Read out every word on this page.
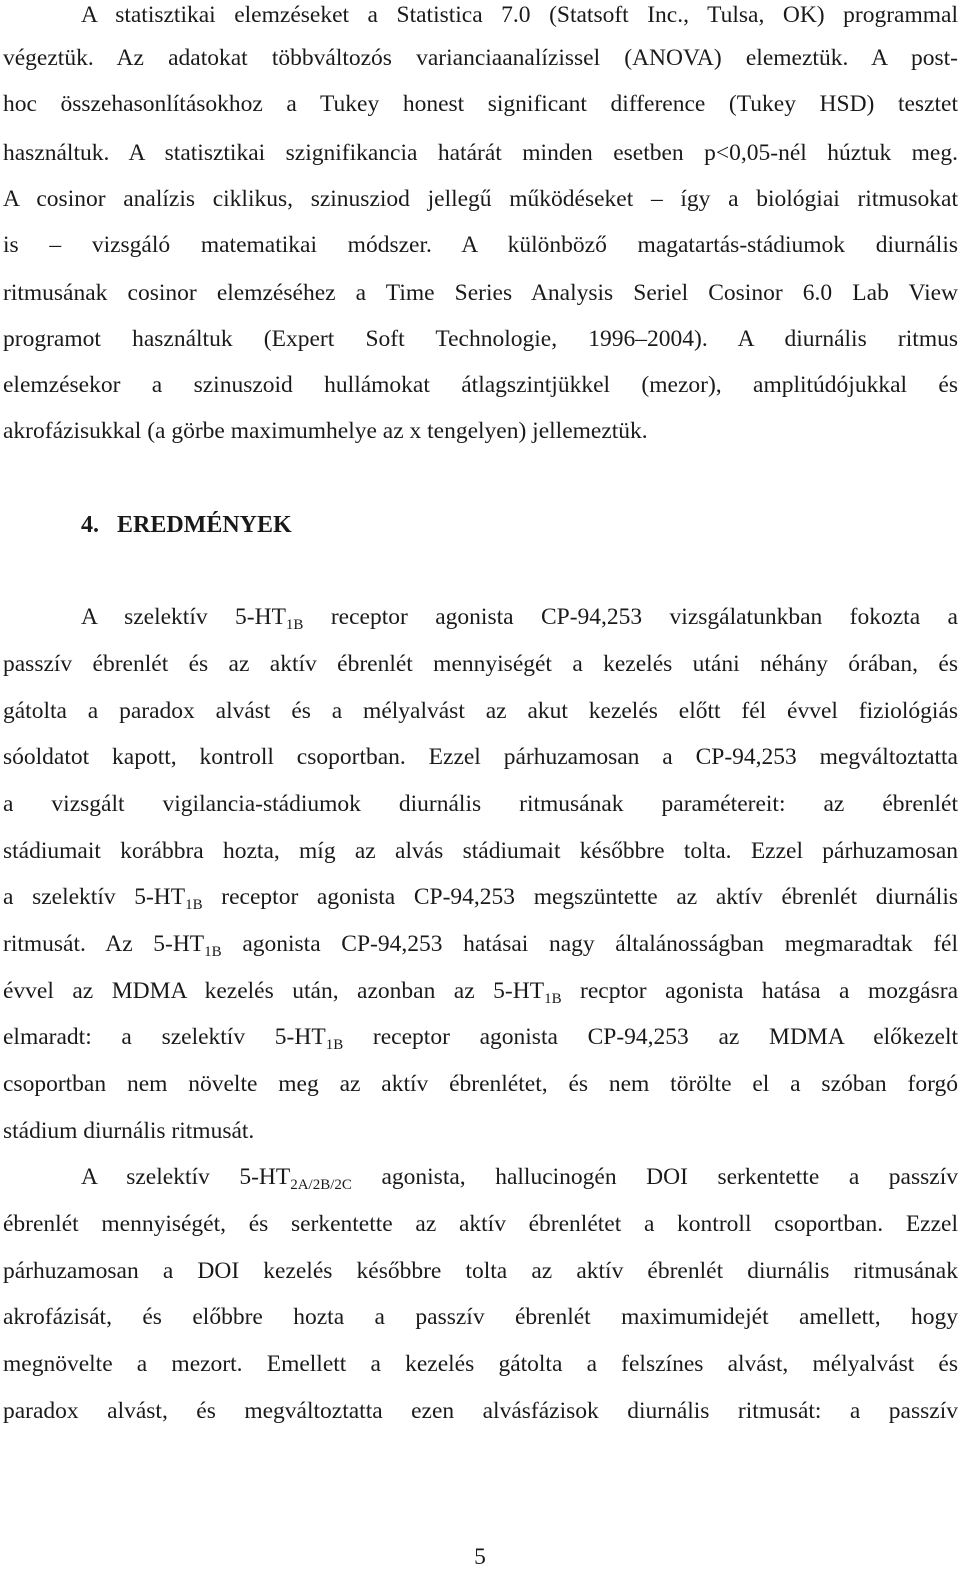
A statisztikai elemzéseket a Statistica 7.0 (Statsoft Inc., Tulsa, OK) programmal
végeztük. Az adatokat többváltozós varianciaanalízissel (ANOVA) elemeztük. A post-
hoc összehasonlításokhoz a Tukey honest significant difference (Tukey HSD) tesztet
használtuk. A statisztikai szignifikancia határát minden esetben p<0,05-nél húztuk meg.
A cosinor analízis ciklikus, szinusziod jellegű működéseket – így a biológiai ritmusokat
is – vizsgáló matematikai módszer. A különböző magatartás-stádiumok diurnális
ritmusának cosinor elemzéséhez a Time Series Analysis Seriel Cosinor 6.0 Lab View
programot használtuk (Expert Soft Technologie, 1996–2004). A diurnális ritmus
elemzésekor a szinuszoid hullámokat átlagszintjükkel (mezor), amplitúdójukkal és
akrofázisukkal (a görbe maximumhelye az x tengelyen) jellemeztük.
4.   EREDMÉNYEK
A szelektív $5-HT_{1B}$ receptor agonista CP-94,253 vizsgálatunkban fokozta a
passzív ébrenlét és az aktív ébrenlét mennyiségét a kezelés utáni néhány órában, és
gátolta a paradox alvást és a mélyalvást az akut kezelés előtt fél évvel fiziológiás
sóoldatot kapott, kontroll csoportban. Ezzel párhuzamosan a CP-94,253 megváltoztatta
a vizsgált vigilancia-stádiumok diurnális ritmusának paramétereit: az ébrenlét
stádiumait korábbra hozta, míg az alvás stádiumait későbbre tolta. Ezzel párhuzamosan
a szelektív $5-HT_{1B}$ receptor agonista CP-94,253 megszüntette az aktív ébrenlét diurnális
ritmusát. Az $5-HT_{1B}$ agonista CP-94,253 hatásai nagy általánosságban megmaradtak fél
évvel az MDMA kezelés után, azonban az $5-HT_{1B}$ recptor agonista hatása a mozgásra
elmaradt: a szelektív $5-HT_{1B}$ receptor agonista CP-94,253 az MDMA előkezelt
csoportban nem növelte meg az aktív ébrenlétet, és nem törölte el a szóban forgó
stádium diurnális ritmusát.
A szelektív $5-HT_{2A/2B/2C}$ agonista, hallucinogén DOI serkentette a passzív
ébrenlét mennyiségét, és serkentette az aktív ébrenlétet a kontroll csoportban. Ezzel
párhuzamosan a DOI kezelés későbbre tolta az aktív ébrenlét diurnális ritmusának
akrofázisát, és előbbre hozta a passzív ébrenlét maximumidejét amellett, hogy
megnövelte a mezort. Emellett a kezelés gátolta a felszínes alvást, mélyalvást és
paradox alvást, és megváltoztatta ezen alvásfázisok diurnális ritmusát: a passzív
5
